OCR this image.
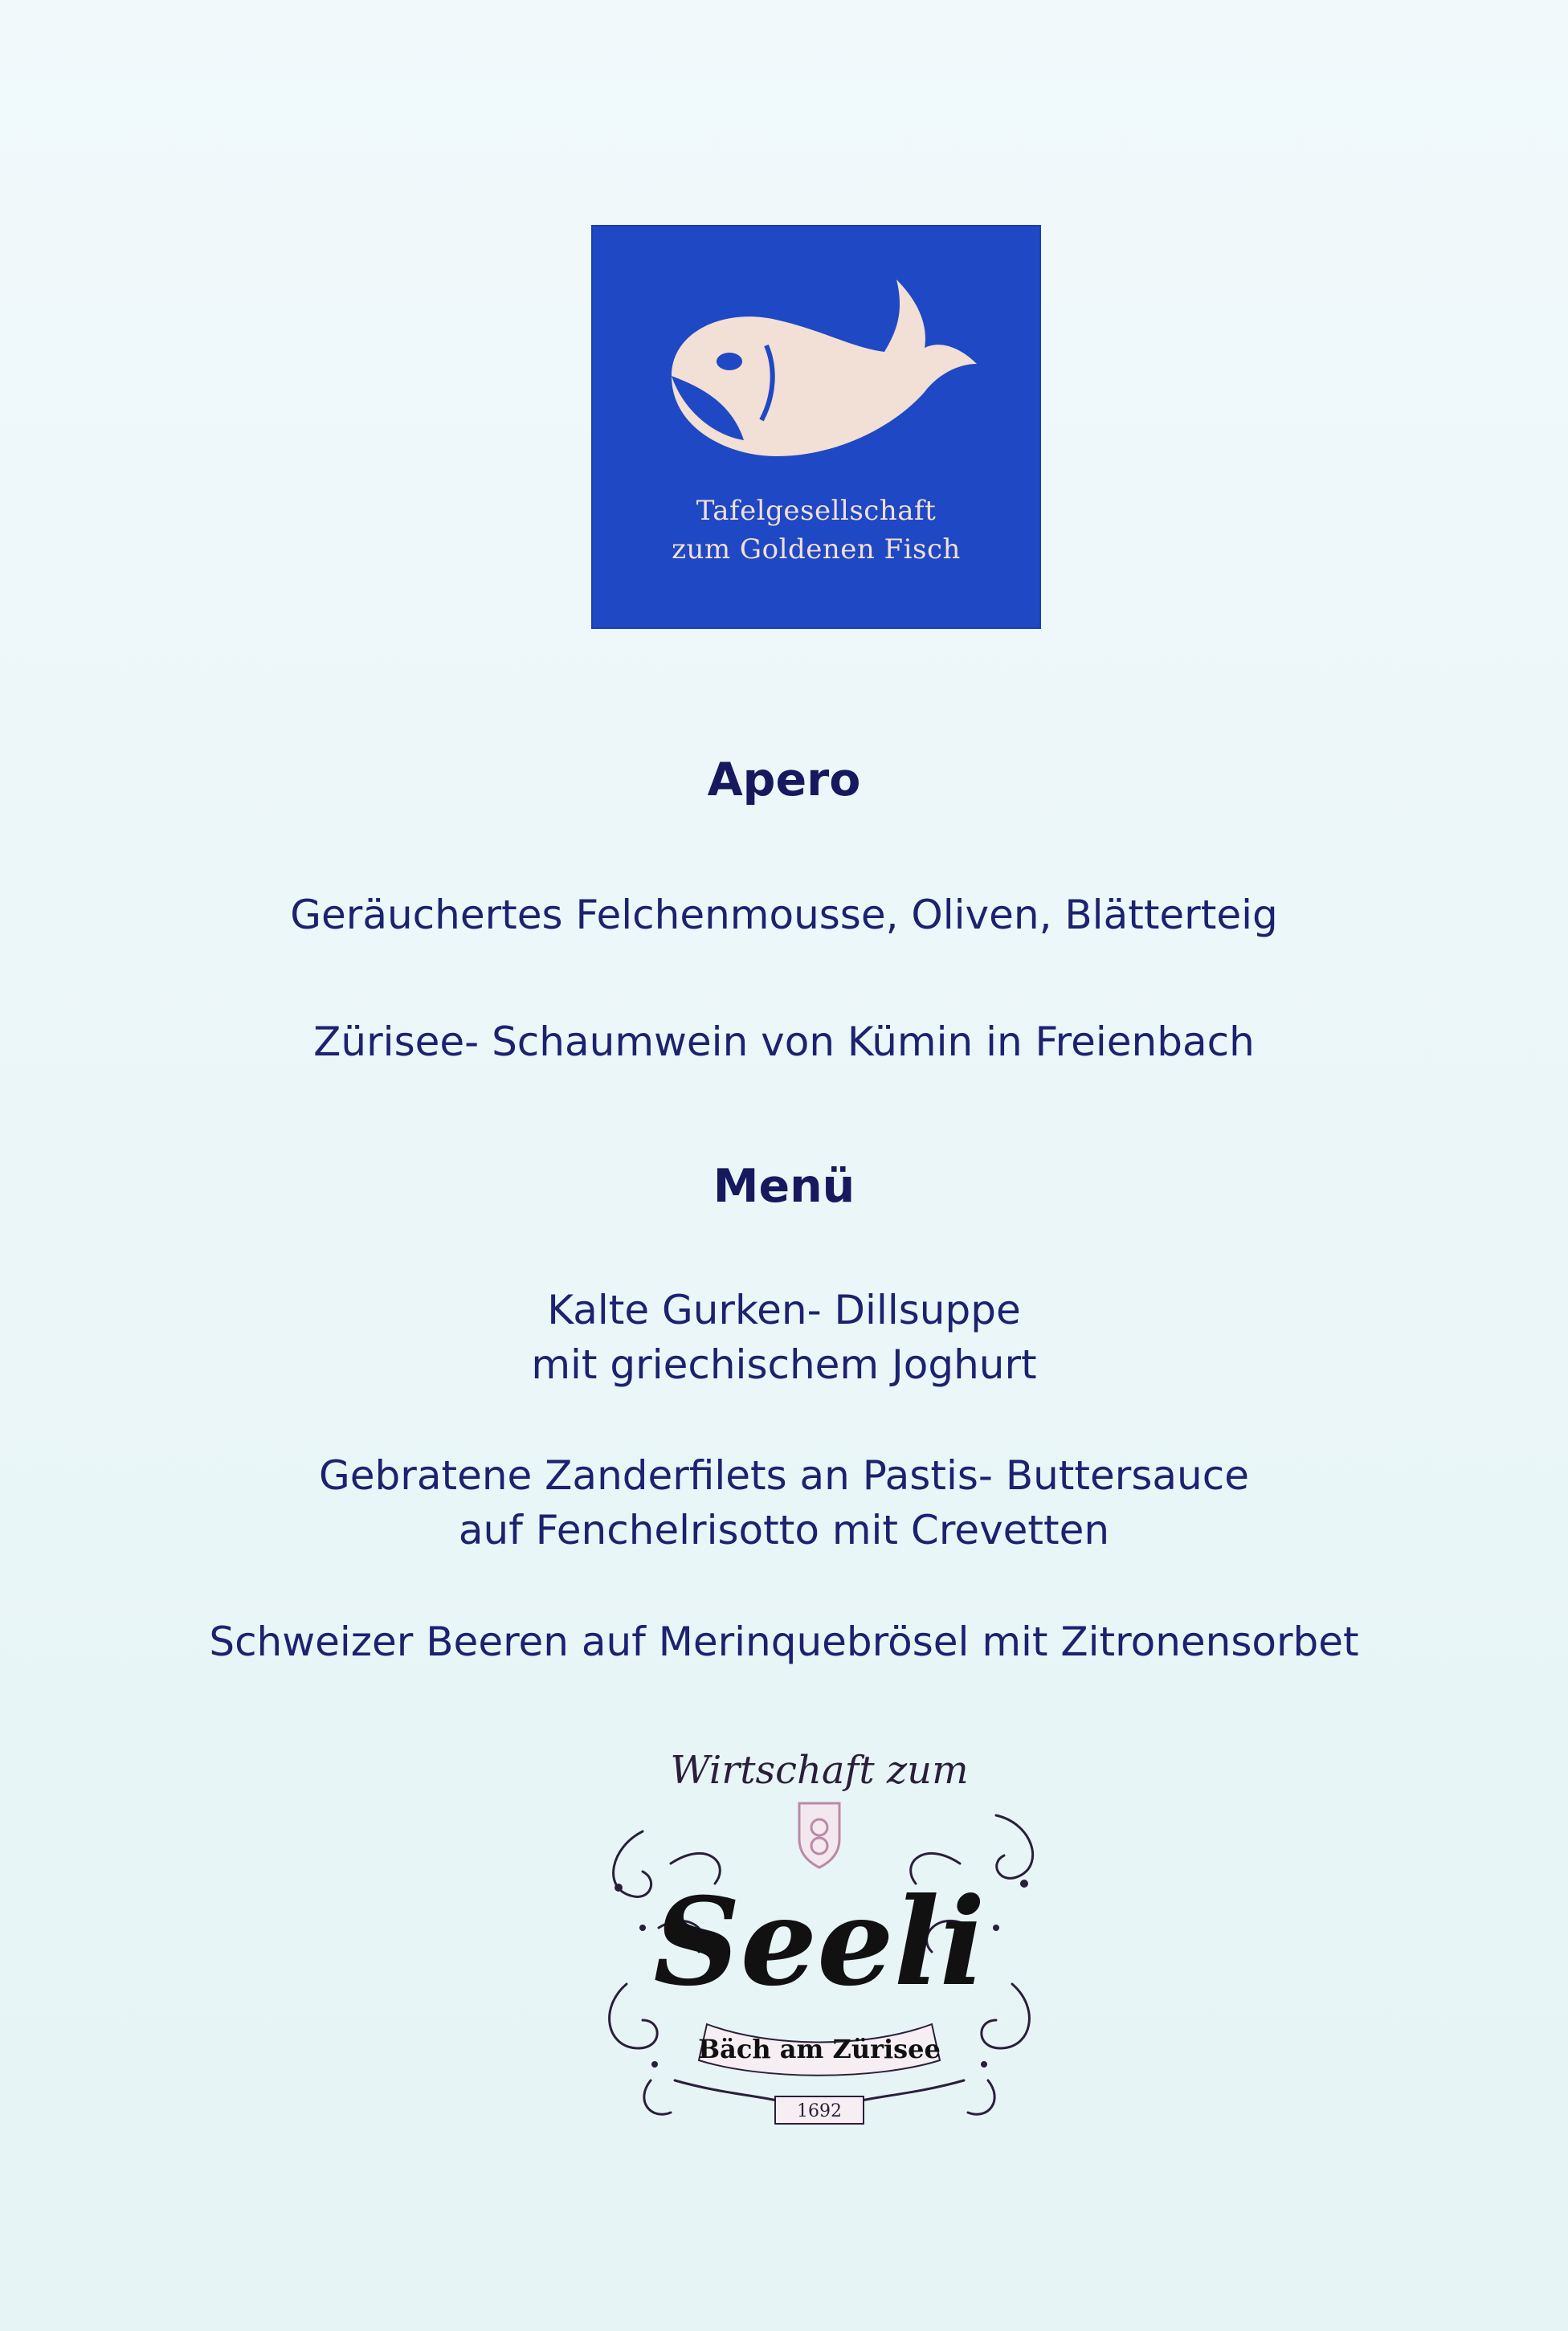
Tafelgesellschaft
zum Goldenen Fisch
Apero
Geräuchertes Felchenmousse, Oliven, Blätterteig
Zürisee- Schaumwein von Kümin in Freienbach
Menü
Kalte Gurken- Dillsuppe
mit griechischem Joghurt
Gebratene Zanderfilets an Pastis- Buttersauce
auf Fenchelrisotto mit Crevetten
Schweizer Beeren auf Merinquebrösel mit Zitronensorbet
Wirtschaft zum
Seeli
Bäch am Zürisee
1692
